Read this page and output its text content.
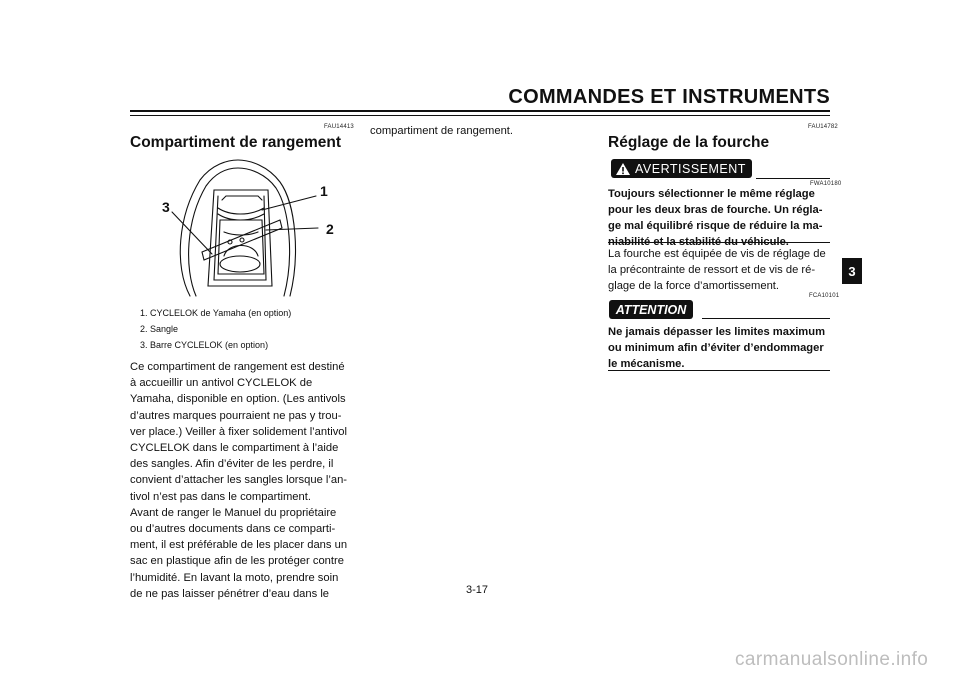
COMMANDES ET INSTRUMENTS
3
FAU14413
Compartiment de rangement
3
1
2
1. CYCLELOK de Yamaha (en option)
2. Sangle
3. Barre CYCLELOK (en option)
Ce compartiment de rangement est destiné
à accueillir un antivol CYCLELOK de
Yamaha, disponible en option. (Les antivols
d’autres marques pourraient ne pas y trou-
ver place.) Veiller à fixer solidement l’antivol
CYCLELOK dans le compartiment à l’aide
des sangles. Afin d’éviter de les perdre, il
convient d’attacher les sangles lorsque l’an-
tivol n’est pas dans le compartiment.
Avant de ranger le Manuel du propriétaire
ou d’autres documents dans ce comparti-
ment, il est préférable de les placer dans un
sac en plastique afin de les protéger contre
l’humidité. En lavant la moto, prendre soin
de ne pas laisser pénétrer d’eau dans le
compartiment de rangement.	FAU14782
Réglage de la fourche
AVERTISSEMENT
FWA10180
Toujours sélectionner le même réglage
pour les deux bras de fourche. Un régla-
ge mal équilibré risque de réduire la ma-
niabilité et la stabilité du véhicule.
La fourche est équipée de vis de réglage de
la précontrainte de ressort et de vis de ré-
glage de la force d’amortissement.
FCA10101
ATTENTION
Ne jamais dépasser les limites maximum
ou minimum afin d’éviter d’endommager
le mécanisme.
3-17
carmanualsonline.info
